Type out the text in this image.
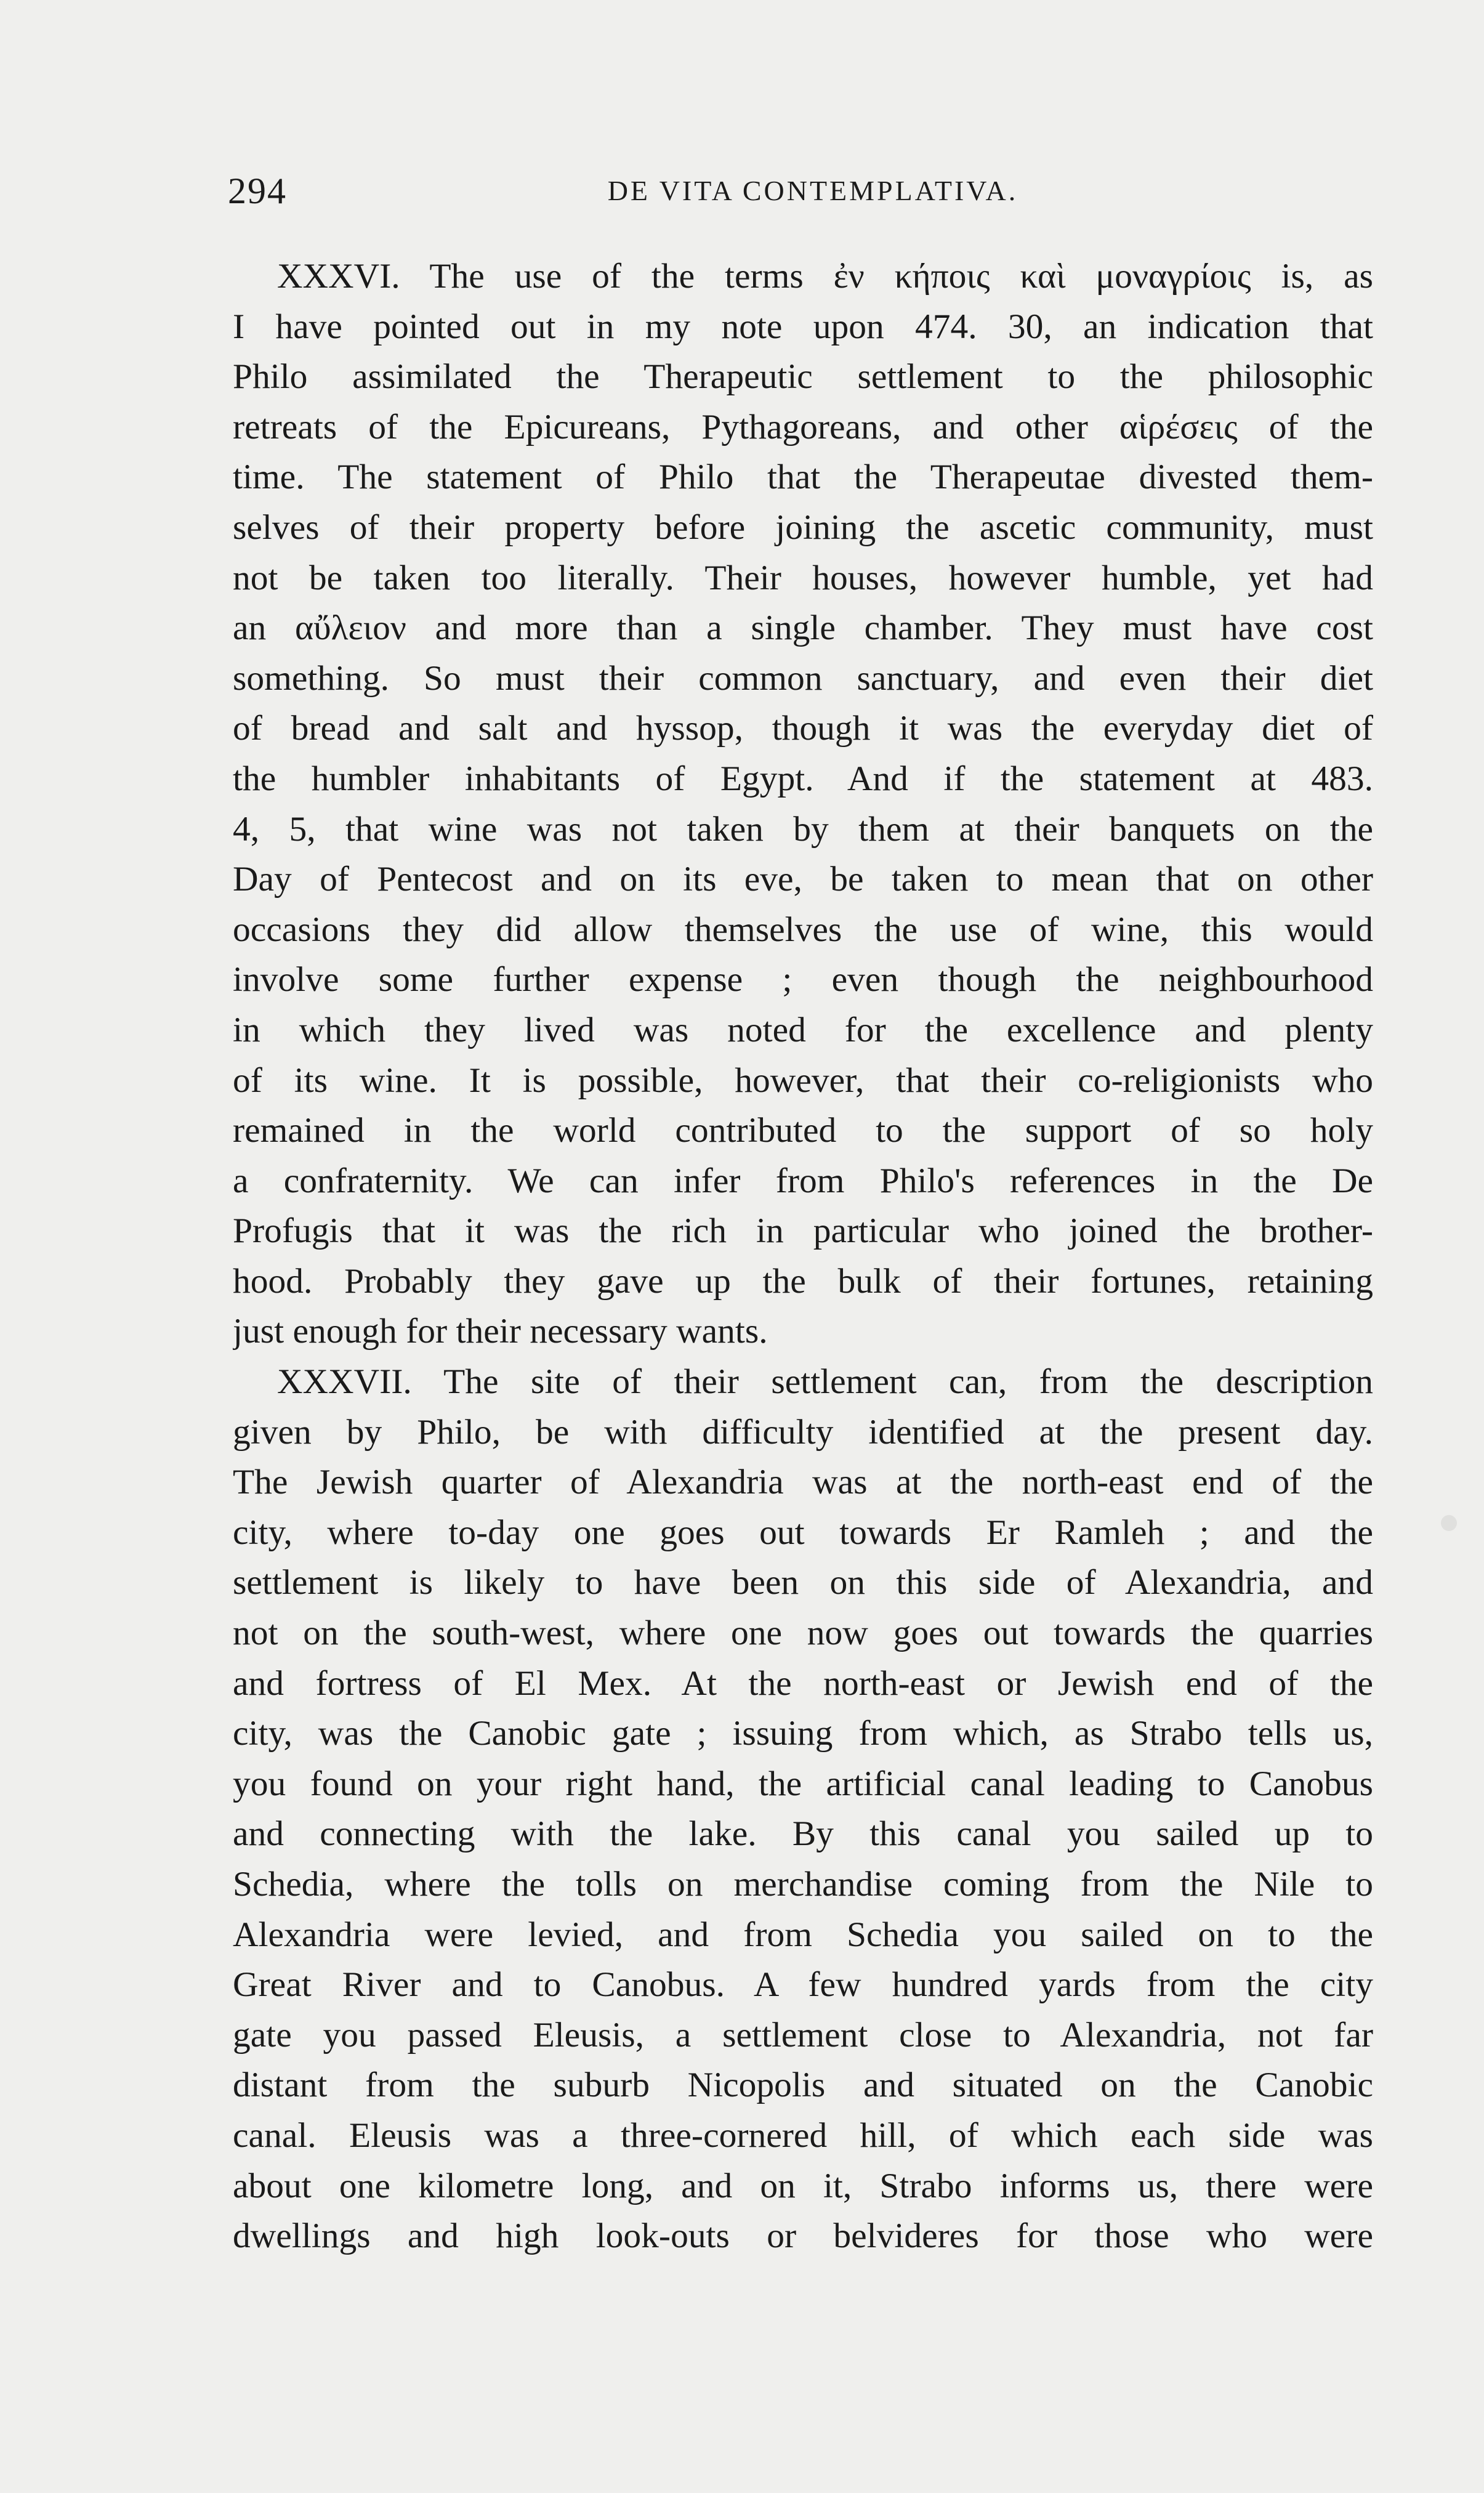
294	DE VITA CONTEMPLATIVA.
XXXVI. The use of the terms ἐν κήποις καὶ μοναγρίοις is, as
I have pointed out in my note upon 474. 30, an indication that
Philo assimilated the Therapeutic settlement to the philosophic
retreats of the Epicureans, Pythagoreans, and other αἱρέσεις of the
time. The statement of Philo that the Therapeutae divested them-
selves of their property before joining the ascetic community, must
not be taken too literally. Their houses, however humble, yet had
an αὔλειον and more than a single chamber. They must have cost
something. So must their common sanctuary, and even their diet
of bread and salt and hyssop, though it was the everyday diet of
the humbler inhabitants of Egypt. And if the statement at 483.
4, 5, that wine was not taken by them at their banquets on the
Day of Pentecost and on its eve, be taken to mean that on other
occasions they did allow themselves the use of wine, this would
involve some further expense ; even though the neighbourhood
in which they lived was noted for the excellence and plenty
of its wine. It is possible, however, that their co-religionists who
remained in the world contributed to the support of so holy
a confraternity. We can infer from Philo's references in the De
Profugis that it was the rich in particular who joined the brother-
hood. Probably they gave up the bulk of their fortunes, retaining
just enough for their necessary wants.
XXXVII. The site of their settlement can, from the description
given by Philo, be with difficulty identified at the present day.
The Jewish quarter of Alexandria was at the north-east end of the
city, where to-day one goes out towards Er Ramleh ; and the
settlement is likely to have been on this side of Alexandria, and
not on the south-west, where one now goes out towards the quarries
and fortress of El Mex. At the north-east or Jewish end of the
city, was the Canobic gate ; issuing from which, as Strabo tells us,
you found on your right hand, the artificial canal leading to Canobus
and connecting with the lake. By this canal you sailed up to
Schedia, where the tolls on merchandise coming from the Nile to
Alexandria were levied, and from Schedia you sailed on to the
Great River and to Canobus. A few hundred yards from the city
gate you passed Eleusis, a settlement close to Alexandria, not far
distant from the suburb Nicopolis and situated on the Canobic
canal. Eleusis was a three-cornered hill, of which each side was
about one kilometre long, and on it, Strabo informs us, there were
dwellings and high look-outs or belvideres for those who were
